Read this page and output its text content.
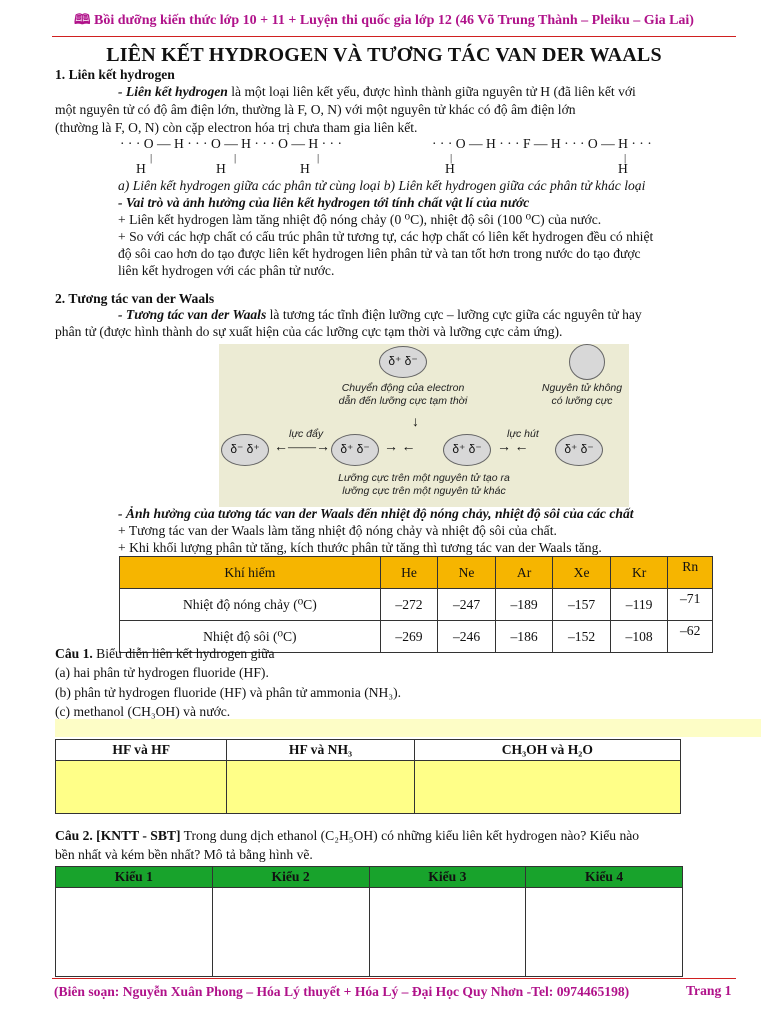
🕮 Bồi dưỡng kiến thức lớp 10 + 11 + Luyện thi quốc gia lớp 12 (46 Võ Trung Thành – Pleiku – Gia Lai)
LIÊN KẾT HYDROGEN VÀ TƯƠNG TÁC VAN DER WAALS
1. Liên kết hydrogen
- Liên kết hydrogen là một loại liên kết yếu, được hình thành giữa nguyên tử H (đã liên kết với
một nguyên tử có độ âm điện lớn, thường là F, O, N) với một nguyên tử khác có độ âm điện lớn
(thường là F, O, N) còn cặp electron hóa trị chưa tham gia liên kết.
· · · O — H · · · O — H · · · O — H · · ·	· · · O — H · · · F — H · · · O — H · · ·
|	|	|	|	|
H	H	H	H	H
a) Liên kết hydrogen giữa các phân tử cùng loại b) Liên kết hydrogen giữa các phân tử khác loại
- Vai trò và ảnh hưởng của liên kết hydrogen tới tính chất vật lí của nước
+ Liên kết hydrogen làm tăng nhiệt độ nóng chảy (0 ⁰C), nhiệt độ sôi (100 ⁰C) của nước.
+ So với các hợp chất có cấu trúc phân tử tương tự, các hợp chất có liên kết hydrogen đều có nhiệt
độ sôi cao hơn do tạo được liên kết hydrogen liên phân tử và tan tốt hơn trong nước do tạo được
liên kết hydrogen với các phân tử nước.
2. Tương tác van der Waals
- Tương tác van der Waals là tương tác tĩnh điện lưỡng cực – lưỡng cực giữa các nguyên tử hay
phân tử (được hình thành do sự xuất hiện của các lưỡng cực tạm thời và lưỡng cực cảm ứng).
δ⁺ δ⁻
Chuyển động của electron
dẫn đến lưỡng cực tạm thời
Nguyên tử không
có lưỡng cực
↓
lực đẩy	lực hút
δ⁻ δ⁺	←——→ δ⁺ δ⁻	→ ←	δ⁺ δ⁻	→ ←	δ⁺ δ⁻
Lưỡng cực trên một nguyên tử tạo ra
lưỡng cực trên một nguyên tử khác
- Ảnh hưởng của tương tác van der Waals đến nhiệt độ nóng chảy, nhiệt độ sôi của các chất
+ Tương tác van der Waals làm tăng nhiệt độ nóng chảy và nhiệt độ sôi của chất.
+ Khi khối lượng phân tử tăng, kích thước phân tử tăng thì tương tác van der Waals tăng.
Khí hiếm	He	Ne	Ar	Xe	Kr	Rn
Nhiệt độ nóng chảy (⁰C)	–272	–247	–189	–157	–119	–71
Nhiệt độ sôi (⁰C)	–269	–246	–186	–152	–108	–62
Câu 1. Biểu diễn liên kết hydrogen giữa
(a) hai phân tử hydrogen fluoride (HF).
(b) phân tử hydrogen fluoride (HF) và phân tử ammonia (NH₃).
(c) methanol (CH₃OH) và nước.
HF và HF	HF và NH₃	CH₃OH và H₂O

Câu 2. [KNTT - SBT] Trong dung dịch ethanol (C₂H₅OH) có những kiểu liên kết hydrogen nào? Kiểu nào
bền nhất và kém bền nhất? Mô tả bằng hình vẽ.
Kiểu 1	Kiểu 2	Kiểu 3	Kiểu 4

(Biên soạn: Nguyễn Xuân Phong – Hóa Lý thuyết + Hóa Lý – Đại Học Quy Nhơn -Tel: 0974465198)	Trang 1
